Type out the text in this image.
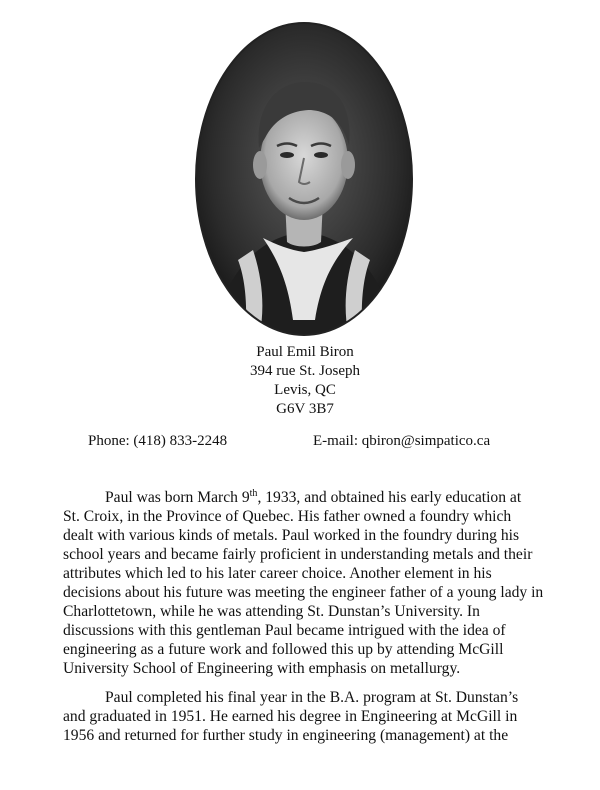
Paul Emil Biron
394 rue St. Joseph
Levis, QC
G6V 3B7
Phone: (418) 833-2248	E-mail: qbiron@simpatico.ca
Paul was born March 9th, 1933, and obtained his early education at
St. Croix, in the Province of Quebec. His father owned a foundry which
dealt with various kinds of metals. Paul worked in the foundry during his
school years and became fairly proficient in understanding metals and their
attributes which led to his later career choice. Another element in his
decisions about his future was meeting the engineer father of a young lady in
Charlottetown, while he was attending St. Dunstan’s University. In
discussions with this gentleman Paul became intrigued with the idea of
engineering as a future work and followed this up by attending McGill
University School of Engineering with emphasis on metallurgy.
Paul completed his final year in the B.A. program at St. Dunstan’s
and graduated in 1951. He earned his degree in Engineering at McGill in
1956 and returned for further study in engineering (management) at the
